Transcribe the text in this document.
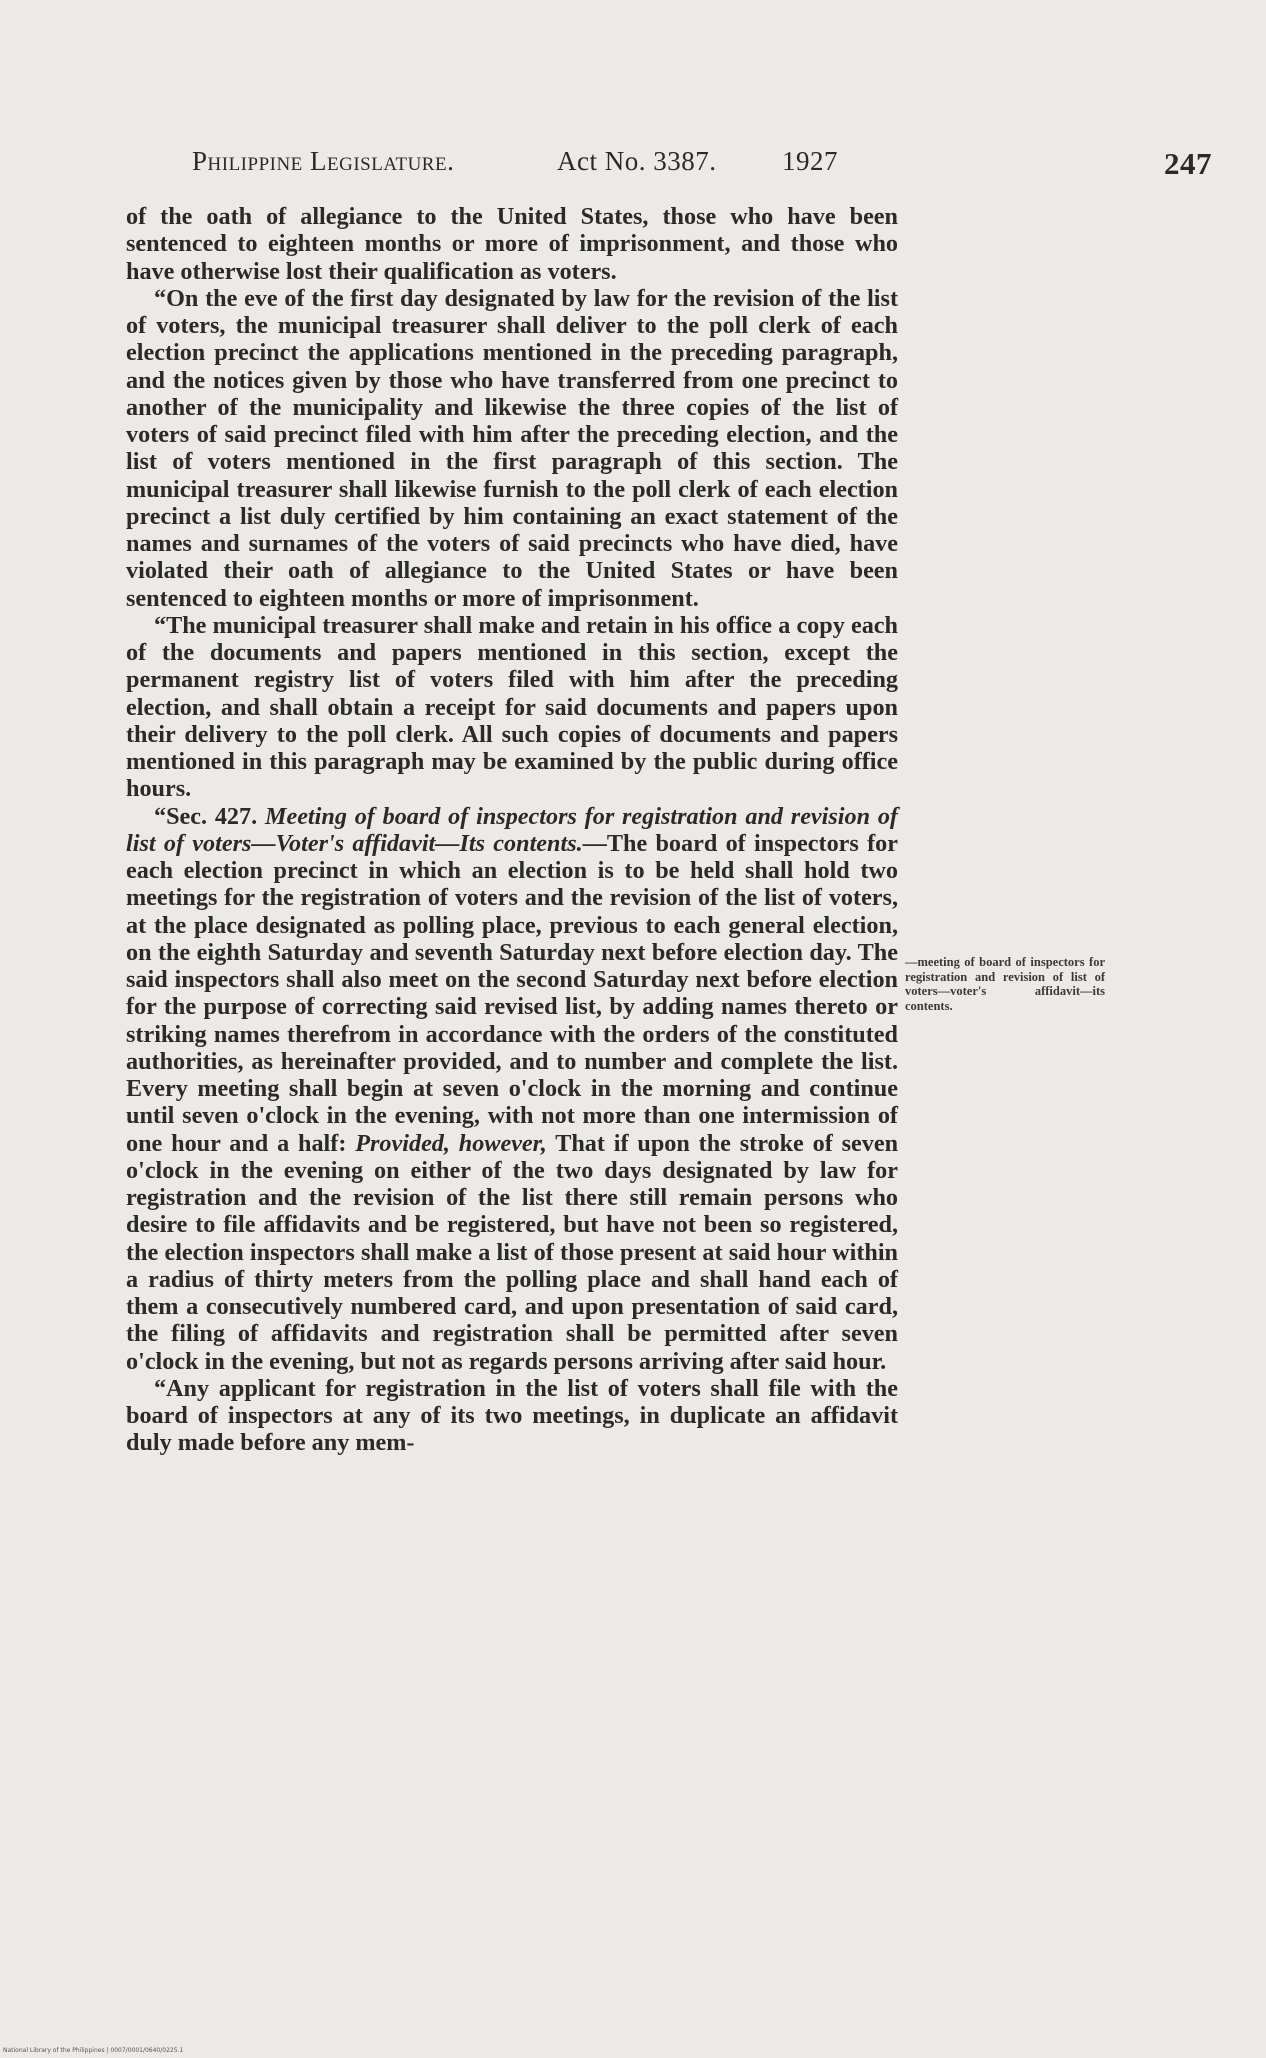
Philippine Legislature.	Act No. 3387. 1927	247

of the oath of allegiance to the United States, those who have been sentenced to eighteen months or more of imprisonment, and those who have otherwise lost their qualification as voters.

“On the eve of the first day designated by law for the revision of the list of voters, the municipal treasurer shall deliver to the poll clerk of each election precinct the applications mentioned in the preceding paragraph, and the notices given by those who have transferred from one precinct to another of the municipality and likewise the three copies of the list of voters of said precinct filed with him after the preceding election, and the list of voters mentioned in the first paragraph of this section. The municipal treasurer shall likewise furnish to the poll clerk of each election precinct a list duly certified by him containing an exact statement of the names and surnames of the voters of said precincts who have died, have violated their oath of allegiance to the United States or have been sentenced to eighteen months or more of imprisonment.

“The municipal treasurer shall make and retain in his office a copy each of the documents and papers mentioned in this section, except the permanent registry list of voters filed with him after the preceding election, and shall obtain a receipt for said documents and papers upon their delivery to the poll clerk. All such copies of documents and papers mentioned in this paragraph may be examined by the public during office hours.

“Sec. 427. Meeting of board of inspectors for registration and revision of list of voters—Voter's affidavit—Its contents.—The board of inspectors for each election precinct in which an election is to be held shall hold two meetings for the registration of voters and the revision of the list of voters, at the place designated as polling place, previous to each general election, on the eighth Saturday and seventh Saturday next before election day. The said inspectors shall also meet on the second Saturday next before election for the purpose of correcting said revised list, by adding names thereto or striking names therefrom in accordance with the orders of the constituted authorities, as hereinafter provided, and to number and complete the list. Every meeting shall begin at seven o'clock in the morning and continue until seven o'clock in the evening, with not more than one intermission of one hour and a half: Provided, however, That if upon the stroke of seven o'clock in the evening on either of the two days designated by law for registration and the revision of the list there still remain persons who desire to file affidavits and be registered, but have not been so registered, the election inspectors shall make a list of those present at said hour within a radius of thirty meters from the polling place and shall hand each of them a consecutively numbered card, and upon presentation of said card, the filing of affidavits and registration shall be permitted after seven o'clock in the evening, but not as regards persons arriving after said hour.

“Any applicant for registration in the list of voters shall file with the board of inspectors at any of its two meetings, in duplicate an affidavit duly made before any mem-

—meeting of board of inspectors for registration and revision of list of voters—voter's affidavit—its contents.
National Library of the Philippines | 0007/0001/0640/0225.1
